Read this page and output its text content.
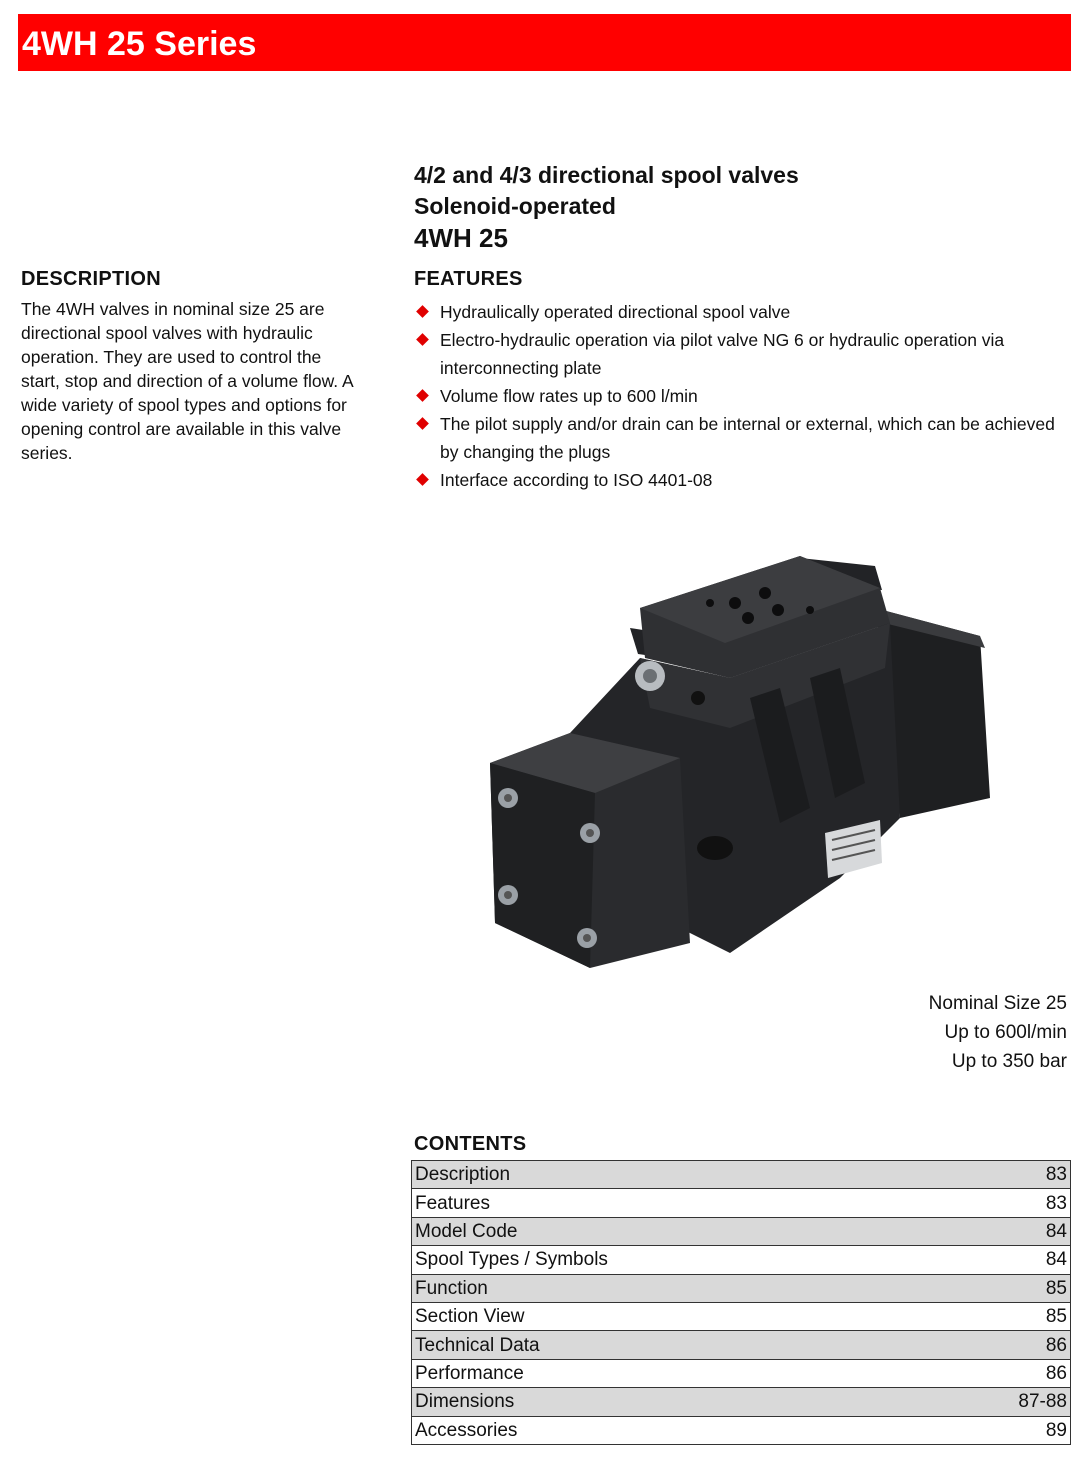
4WH 25 Series
4/2 and 4/3 directional spool valves
Solenoid-operated
4WH 25
DESCRIPTION

The 4WH valves in nominal size 25 are directional spool valves with hydraulic operation. They are used to control the start, stop and direction of a volume flow. A wide variety of spool types and options for opening control are available in this valve series.

FEATURES
Hydraulically operated directional spool valve
Electro-hydraulic operation via pilot valve NG 6 or hydraulic operation via interconnecting plate
Volume flow rates up to 600 l/min
The pilot supply and/or drain can be internal or external, which can be achieved by changing the plugs
Interface according to ISO 4401-08
Nominal Size 25
Up to 600l/min
Up to 350 bar
CONTENTS
Description	83
Features	83
Model Code	84
Spool Types / Symbols	84
Function	85
Section View	85
Technical Data	86
Performance	86
Dimensions	87-88
Accessories	89
